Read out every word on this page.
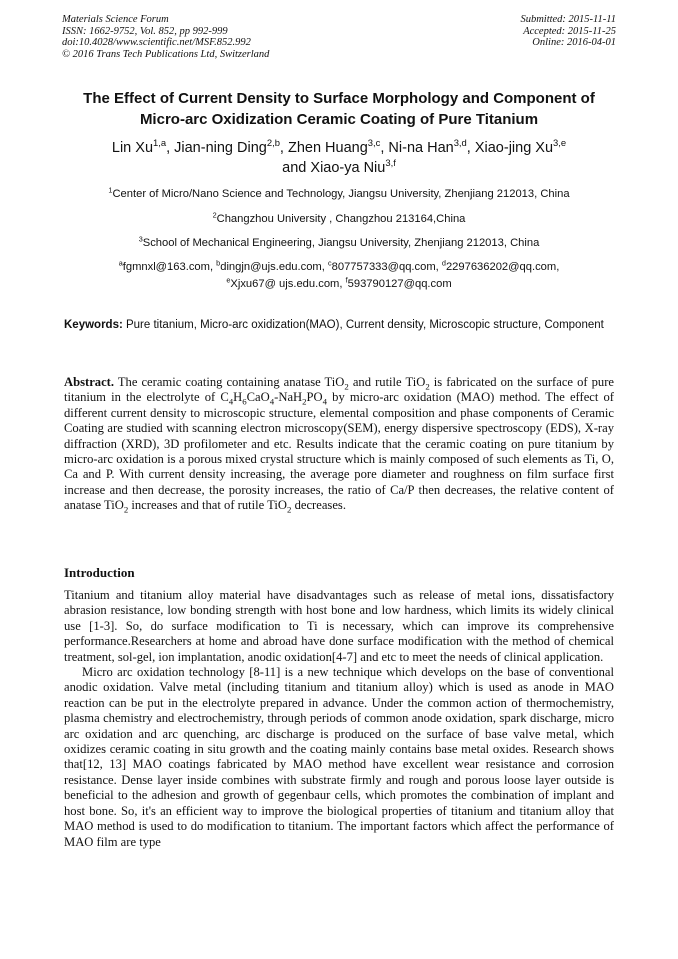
Materials Science Forum
ISSN: 1662-9752, Vol. 852, pp 992-999
doi:10.4028/www.scientific.net/MSF.852.992
© 2016 Trans Tech Publications Ltd, Switzerland
Submitted: 2015-11-11
Accepted: 2015-11-25
Online: 2016-04-01
The Effect of Current Density to Surface Morphology and Component of
Micro-arc Oxidization Ceramic Coating of Pure Titanium
Lin Xu$^{1,a}$, Jian-ning Ding$^{2,b}$, Zhen Huang$^{3,c}$, Ni-na Han$^{3,d}$, Xiao-jing Xu$^{3,e}$
and Xiao-ya Niu$^{3,f}$
$^1$Center of Micro/Nano Science and Technology, Jiangsu University, Zhenjiang 212013, China
$^2$Changzhou University , Changzhou 213164,China
$^3$School of Mechanical Engineering, Jiangsu University, Zhenjiang 212013, China
$^a$fgmnxl@163.com, $^b$dingjn@ujs.edu.com, $^c$807757333@qq.com, $^d$2297636202@qq.com,
$^e$Xjxu67@ ujs.edu.com, $^f$593790127@qq.com
Keywords: Pure titanium, Micro-arc oxidization(MAO), Current density, Microscopic structure, Component
Abstract. The ceramic coating containing anatase TiO$_2$ and rutile TiO$_2$ is fabricated on the surface of pure titanium in the electrolyte of $C_4H_6CaO_4-NaH_2PO_4$ by micro-arc oxidation (MAO) method. The effect of different current density to microscopic structure, elemental composition and phase components of Ceramic Coating are studied with scanning electron microscopy(SEM), energy dispersive spectroscopy (EDS), X-ray diffraction (XRD), 3D profilometer and etc. Results indicate that the ceramic coating on pure titanium by micro-arc oxidation is a porous mixed crystal structure which is mainly composed of such elements as Ti, O, Ca and P. With current density increasing, the average pore diameter and roughness on film surface first increase and then decrease, the porosity increases, the ratio of Ca/P then decreases, the relative content of anatase TiO$_2$ increases and that of rutile TiO$_2$ decreases.
Introduction

Titanium and titanium alloy material have disadvantages such as release of metal ions, dissatisfactory abrasion resistance, low bonding strength with host bone and low hardness, which limits its widely clinical use [1-3]. So, do surface modification to Ti is necessary, which can improve its comprehensive performance.Researchers at home and abroad have done surface modification with the method of chemical treatment, sol-gel, ion implantation, anodic oxidation[4-7] and etc to meet the needs of clinical application.

Micro arc oxidation technology [8-11] is a new technique which develops on the base of conventional anodic oxidation. Valve metal (including titanium and titanium alloy) which is used as anode in MAO reaction can be put in the electrolyte prepared in advance. Under the common action of thermochemistry, plasma chemistry and electrochemistry, through periods of common anode oxidation, spark discharge, micro arc oxidation and arc quenching, arc discharge is produced on the surface of base valve metal, which oxidizes ceramic coating in situ growth and the coating mainly contains base metal oxides. Research shows that[12, 13] MAO coatings fabricated by MAO method have excellent wear resistance and corrosion resistance. Dense layer inside combines with substrate firmly and rough and porous loose layer outside is beneficial to the adhesion and growth of gegenbaur cells, which promotes the combination of implant and host bone. So, it's an efficient way to improve the biological properties of titanium and titanium alloy that MAO method is used to do modification to titanium. The important factors which affect the performance of MAO film are type
